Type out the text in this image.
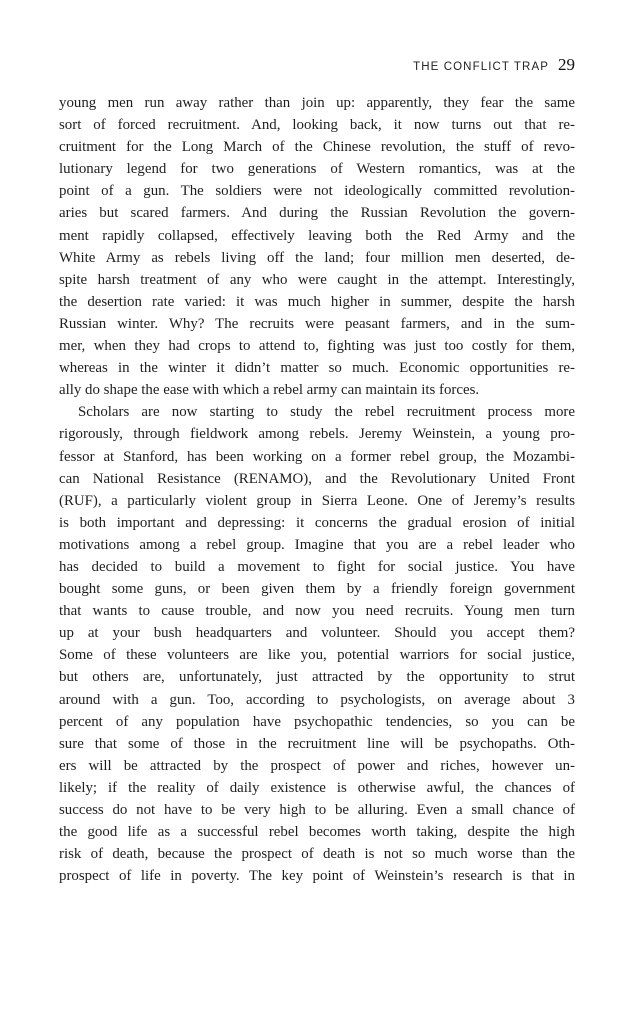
THE CONFLICT TRAP 29
young men run away rather than join up: apparently, they fear the same
sort of forced recruitment. And, looking back, it now turns out that re-
cruitment for the Long March of the Chinese revolution, the stuff of revo-
lutionary legend for two generations of Western romantics, was at the
point of a gun. The soldiers were not ideologically committed revolution-
aries but scared farmers. And during the Russian Revolution the govern-
ment rapidly collapsed, effectively leaving both the Red Army and the
White Army as rebels living off the land; four million men deserted, de-
spite harsh treatment of any who were caught in the attempt. Interestingly,
the desertion rate varied: it was much higher in summer, despite the harsh
Russian winter. Why? The recruits were peasant farmers, and in the sum-
mer, when they had crops to attend to, fighting was just too costly for them,
whereas in the winter it didn’t matter so much. Economic opportunities re-
ally do shape the ease with which a rebel army can maintain its forces.
Scholars are now starting to study the rebel recruitment process more
rigorously, through fieldwork among rebels. Jeremy Weinstein, a young pro-
fessor at Stanford, has been working on a former rebel group, the Mozambi-
can National Resistance (RENAMO), and the Revolutionary United Front
(RUF), a particularly violent group in Sierra Leone. One of Jeremy’s results
is both important and depressing: it concerns the gradual erosion of initial
motivations among a rebel group. Imagine that you are a rebel leader who
has decided to build a movement to fight for social justice. You have
bought some guns, or been given them by a friendly foreign government
that wants to cause trouble, and now you need recruits. Young men turn
up at your bush headquarters and volunteer. Should you accept them?
Some of these volunteers are like you, potential warriors for social justice,
but others are, unfortunately, just attracted by the opportunity to strut
around with a gun. Too, according to psychologists, on average about 3
percent of any population have psychopathic tendencies, so you can be
sure that some of those in the recruitment line will be psychopaths. Oth-
ers will be attracted by the prospect of power and riches, however un-
likely; if the reality of daily existence is otherwise awful, the chances of
success do not have to be very high to be alluring. Even a small chance of
the good life as a successful rebel becomes worth taking, despite the high
risk of death, because the prospect of death is not so much worse than the
prospect of life in poverty. The key point of Weinstein’s research is that in
